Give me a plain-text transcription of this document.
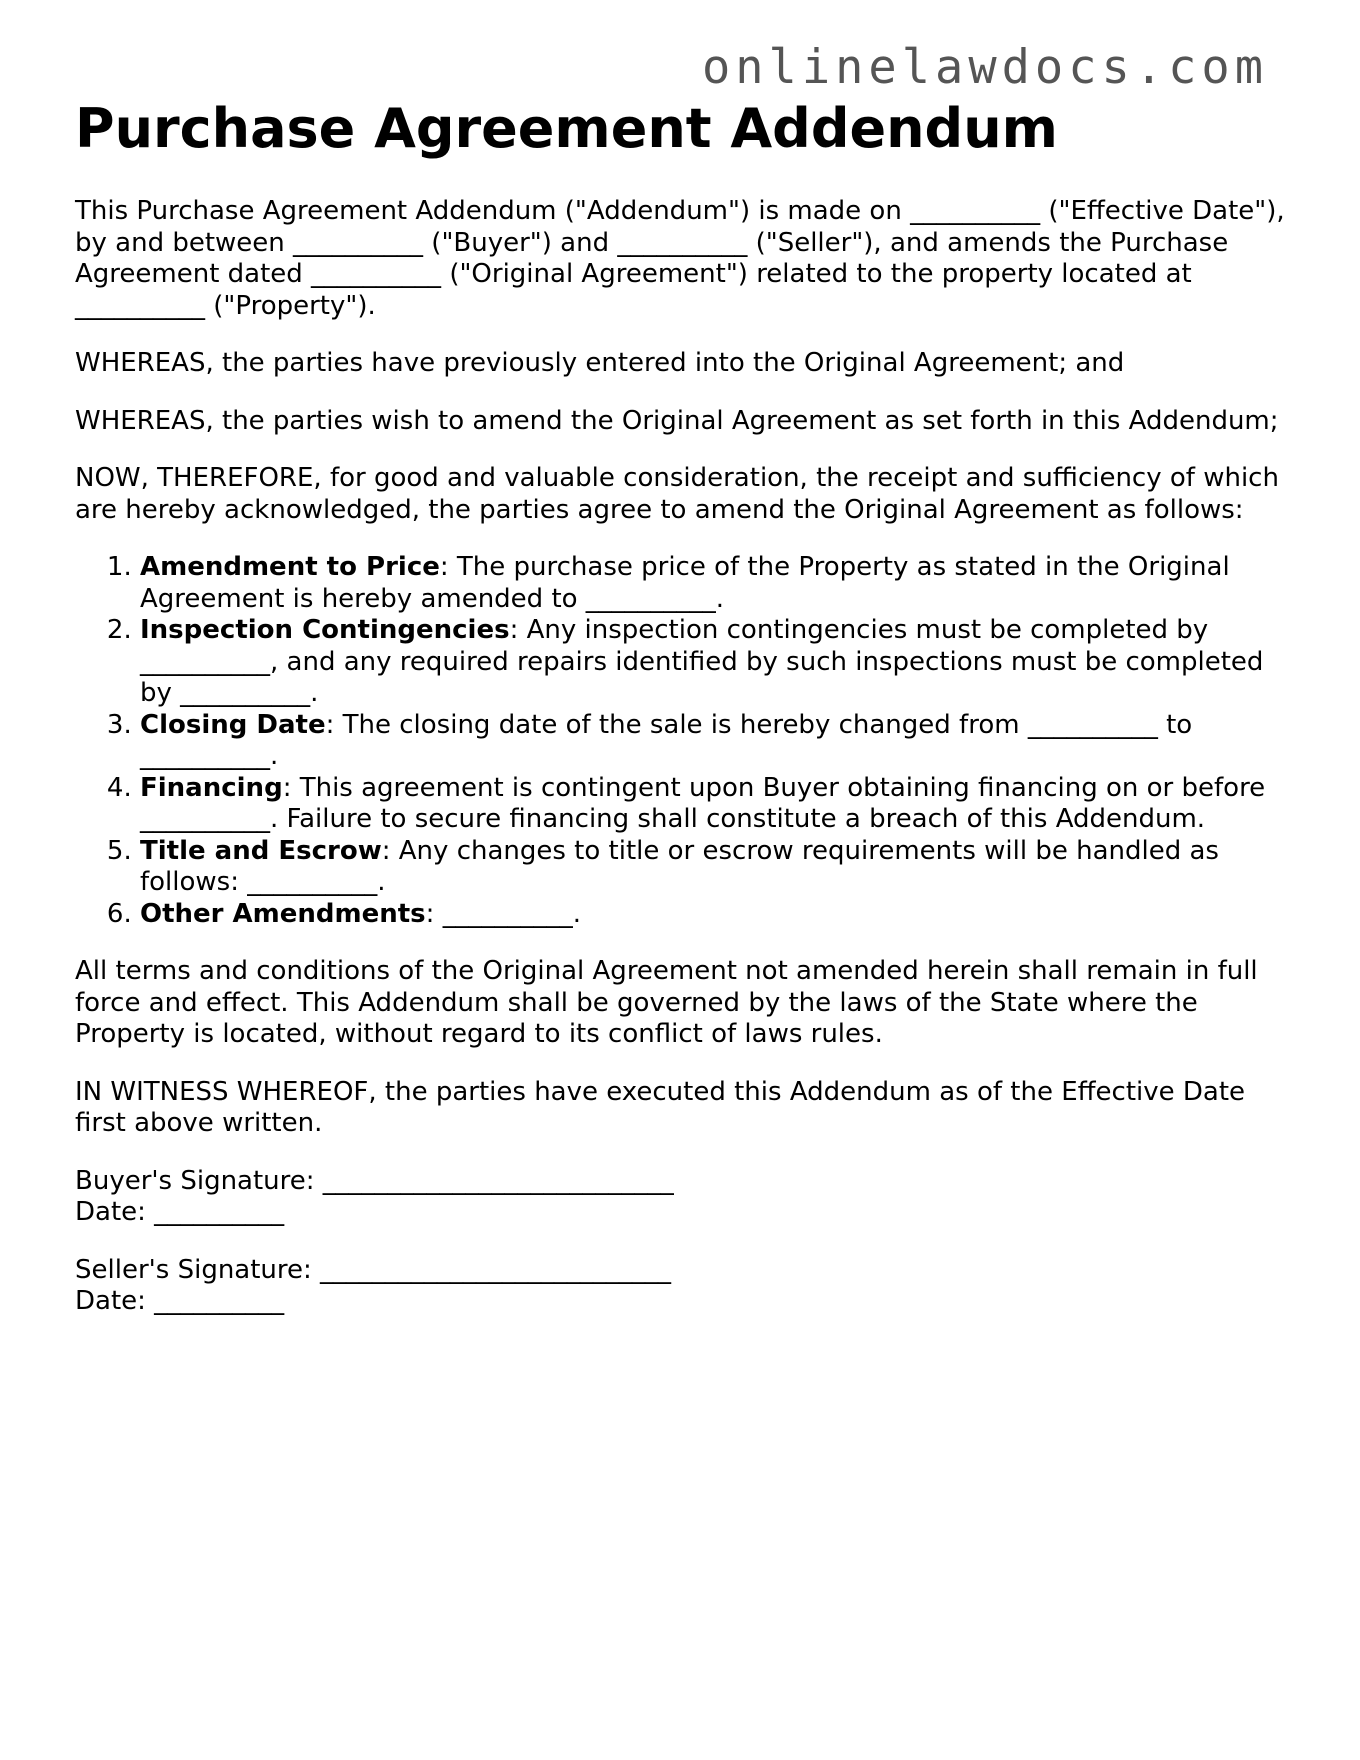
onlinelawdocs.com
Purchase Agreement Addendum

This Purchase Agreement Addendum ("Addendum") is made on __________ ("Effective Date"), by and between __________ ("Buyer") and __________ ("Seller"), and amends the Purchase Agreement dated __________ ("Original Agreement") related to the property located at __________ ("Property").

WHEREAS, the parties have previously entered into the Original Agreement; and

WHEREAS, the parties wish to amend the Original Agreement as set forth in this Addendum;

NOW, THEREFORE, for good and valuable consideration, the receipt and sufficiency of which are hereby acknowledged, the parties agree to amend the Original Agreement as follows:

1. Amendment to Price: The purchase price of the Property as stated in the Original Agreement is hereby amended to __________.
2. Inspection Contingencies: Any inspection contingencies must be completed by __________, and any required repairs identified by such inspections must be completed by __________.
3. Closing Date: The closing date of the sale is hereby changed from __________ to __________.
4. Financing: This agreement is contingent upon Buyer obtaining financing on or before __________. Failure to secure financing shall constitute a breach of this Addendum.
5. Title and Escrow: Any changes to title or escrow requirements will be handled as follows: __________.
6. Other Amendments: __________.

All terms and conditions of the Original Agreement not amended herein shall remain in full force and effect. This Addendum shall be governed by the laws of the State where the Property is located, without regard to its conflict of laws rules.

IN WITNESS WHEREOF, the parties have executed this Addendum as of the Effective Date first above written.

Buyer's Signature: ___________________________
Date: __________

Seller's Signature: ___________________________
Date: __________
